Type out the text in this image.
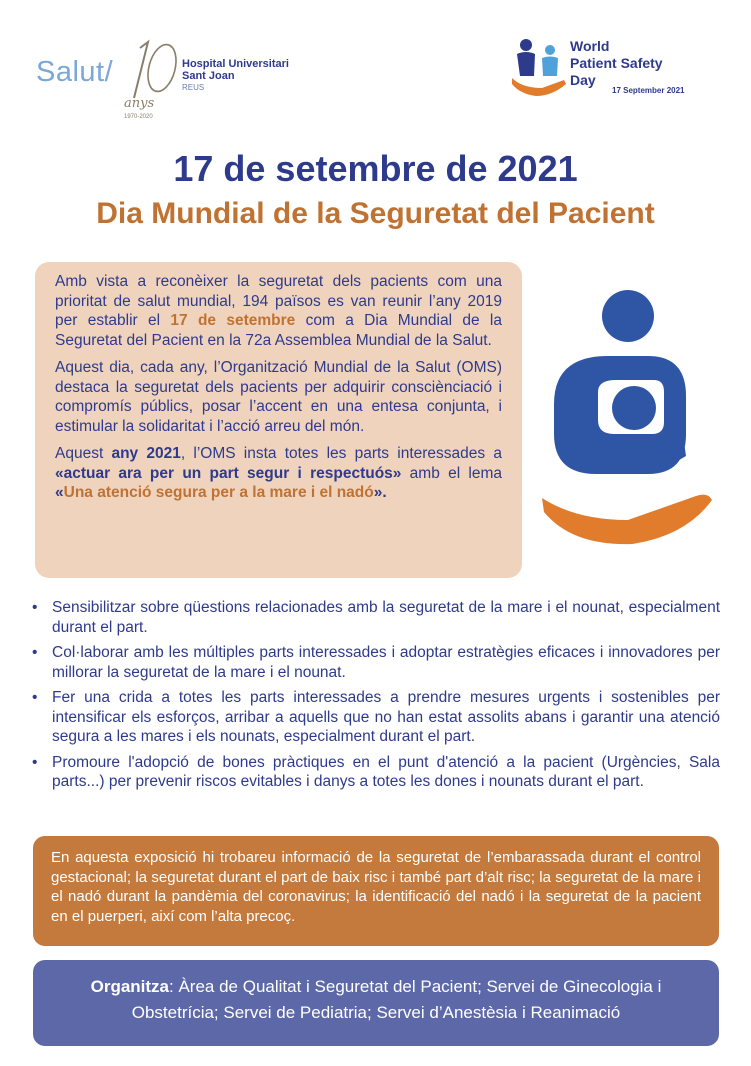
Salut/	Hospital Universitari
Sant Joan
REUS
anys
1970-2020
World
Patient Safety
Day
17 September 2021
17 de setembre de 2021
Dia Mundial de la Seguretat del Pacient

Amb vista a reconèixer la seguretat dels pacients com una prioritat de salut mundial, 194 països es van reunir l’any 2019 per establir el 17 de setembre com a Dia Mundial de la Seguretat del Pacient en la 72a Assemblea Mundial de la Salut.

Aquest dia, cada any, l’Organització Mundial de la Salut (OMS) destaca la seguretat dels pacients per adquirir consciènciació i compromís públics, posar l’accent en una entesa conjunta, i estimular la solidaritat i l’acció arreu del món.

Aquest any 2021, l’OMS insta totes les parts interessades a «actuar ara per un part segur i respectuós» amb el lema «Una atenció segura per a la mare i el nadó».

• Sensibilitzar sobre qüestions relacionades amb la seguretat de la mare i el nounat, especialment durant el part.
• Col·laborar amb les múltiples parts interessades i adoptar estratègies eficaces i innovadores per millorar la seguretat de la mare i el nounat.
• Fer una crida a totes les parts interessades a prendre mesures urgents i sostenibles per intensificar els esforços, arribar a aquells que no han estat assolits abans i garantir una atenció segura a les mares i els nounats, especialment durant el part.
• Promoure l'adopció de bones pràctiques en el punt d'atenció a la pacient (Urgències, Sala parts...) per prevenir riscos evitables i danys a totes les dones i nounats durant el part.
En aquesta exposició hi trobareu informació de la seguretat de l’embarassada durant el control gestacional; la seguretat durant el part de baix risc i també part d’alt risc; la seguretat de la mare i el nadó durant la pandèmia del coronavirus; la identificació del nadó i la seguretat de la pacient en el puerperi, així com l’alta precoç.
Organitza: Àrea de Qualitat i Seguretat del Pacient; Servei de Ginecologia i Obstetrícia; Servei de Pediatria; Servei d’Anestèsia i Reanimació
